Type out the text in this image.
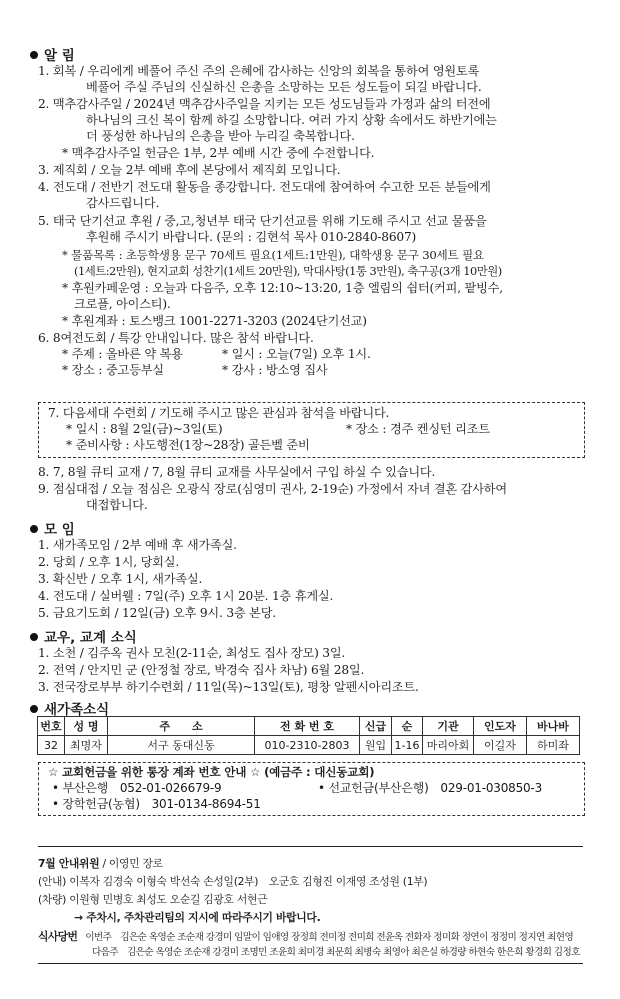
알 림
1. 회복 / 우리에게 베풀어 주신 주의 은혜에 감사하는 신앙의 회복을 통하여 영원토록
베풀어 주실 주님의 신실하신 은총을 소망하는 모든 성도들이 되길 바랍니다.
2. 맥추감사주일 / 2024년 맥추감사주일을 지키는 모든 성도님들과 가정과 삶의 터전에
하나님의 크신 복이 함께 하길 소망합니다. 여러 가지 상황 속에서도 하반기에는
더 풍성한 하나님의 은총을 받아 누리길 축복합니다.
* 맥추감사주일 헌금은 1부, 2부 예배 시간 중에 수전합니다.
3. 제직회 / 오늘 2부 예배 후에 본당에서 제직회 모입니다.
4. 전도대 / 전반기 전도대 활동을 종강합니다. 전도대에 참여하여 수고한 모든 분들에게
감사드립니다.
5. 태국 단기선교 후원 / 중,고,청년부 태국 단기선교를 위해 기도해 주시고 선교 물품을
후원해 주시기 바랍니다. (문의 : 김현석 목사 010-2840-8607)
* 물품목록 : 초등학생용 문구 70세트 필요(1세트:1만원), 대학생용 문구 30세트 필요
(1세트:2만원), 현지교회 성찬기(1세트 20만원), 막대사탕(1통 3만원), 축구공(3개 10만원)
* 후원카페운영 : 오늘과 다음주, 오후 12:10~13:20, 1층 엘림의 쉼터(커피, 팥빙수,
크로플, 아이스티).
* 후원계좌 : 토스뱅크 1001-2271-3203 (2024단기선교)
6. 8여전도회 / 특강 안내입니다. 많은 참석 바랍니다.
* 주제 : 올바른 약 복용	* 일시 : 오늘(7일) 오후 1시.
* 장소 : 중고등부실	* 강사 : 방소영 집사
7. 다음세대 수련회 / 기도해 주시고 많은 관심과 참석을 바랍니다.
* 일시 : 8월 2일(금)~3일(토)	* 장소 : 경주 켄싱턴 리조트
* 준비사항 : 사도행전(1장~28장) 골든벨 준비
8. 7, 8월 큐티 교재 / 7, 8월 큐티 교재를 사무실에서 구입 하실 수 있습니다.
9. 점심대접 / 오늘 점심은 오광식 장로(심영미 권사, 2-19순) 가정에서 자녀 결혼 감사하여
대접합니다.
모 임
1. 새가족모임 / 2부 예배 후 새가족실.
2. 당회 / 오후 1시, 당회실.
3. 확신반 / 오후 1시, 새가족실.
4. 전도대 / 실버웰 : 7일(주) 오후 1시 20분. 1층 휴게실.
5. 금요기도회 / 12일(금) 오후 9시. 3층 본당.
교우, 교계 소식
1. 소천 / 김주옥 권사 모친(2-11순, 최성도 집사 장모) 3일.
2. 전역 / 안지민 군 (안정철 장로, 박경숙 집사 차남) 6월 28일.
3. 전국장로부부 하기수련회 / 11일(목)~13일(토), 평창 알펜시아리조트.
새가족소식
번호	성 명	주　　소	전 화 번 호	신급	순	기관	인도자	바나바
32	최명자	서구 동대신동	010-2310-2803	원입	1-16	마리아회	이길자	하미좌
☆ 교회헌금을 위한 통장 계좌 번호 안내 ☆ (예금주 : 대신동교회)
• 부산은행　052-01-026679-9	• 선교헌금(부산은행)　029-01-030850-3
• 장학헌금(농협)　301-0134-8694-51
7월 안내위원 / 이영민 장로
(안내) 이복자 김경숙 이형숙 박선숙 손성일(2부)　오군호 김형진 이재영 조성원 (1부)
(차량) 이원형 민병호 최성도 오순길 김광호 서현근
→ 주차시, 주차관리팀의 지시에 따라주시기 바랍니다.
식사당번 이번주　김은순 옥영순 조순재 강경미 임말이 임애영 장정희 전미정 전미희 전윤옥 전화자 정미화 정연이 정정미 정지연 최현영
다음주　김은순 옥영순 조순재 강경미 조명민 조윤희 최미경 최문희 최병숙 최영아 최은실 하경량 하현숙 한은희 황경희 김정호
